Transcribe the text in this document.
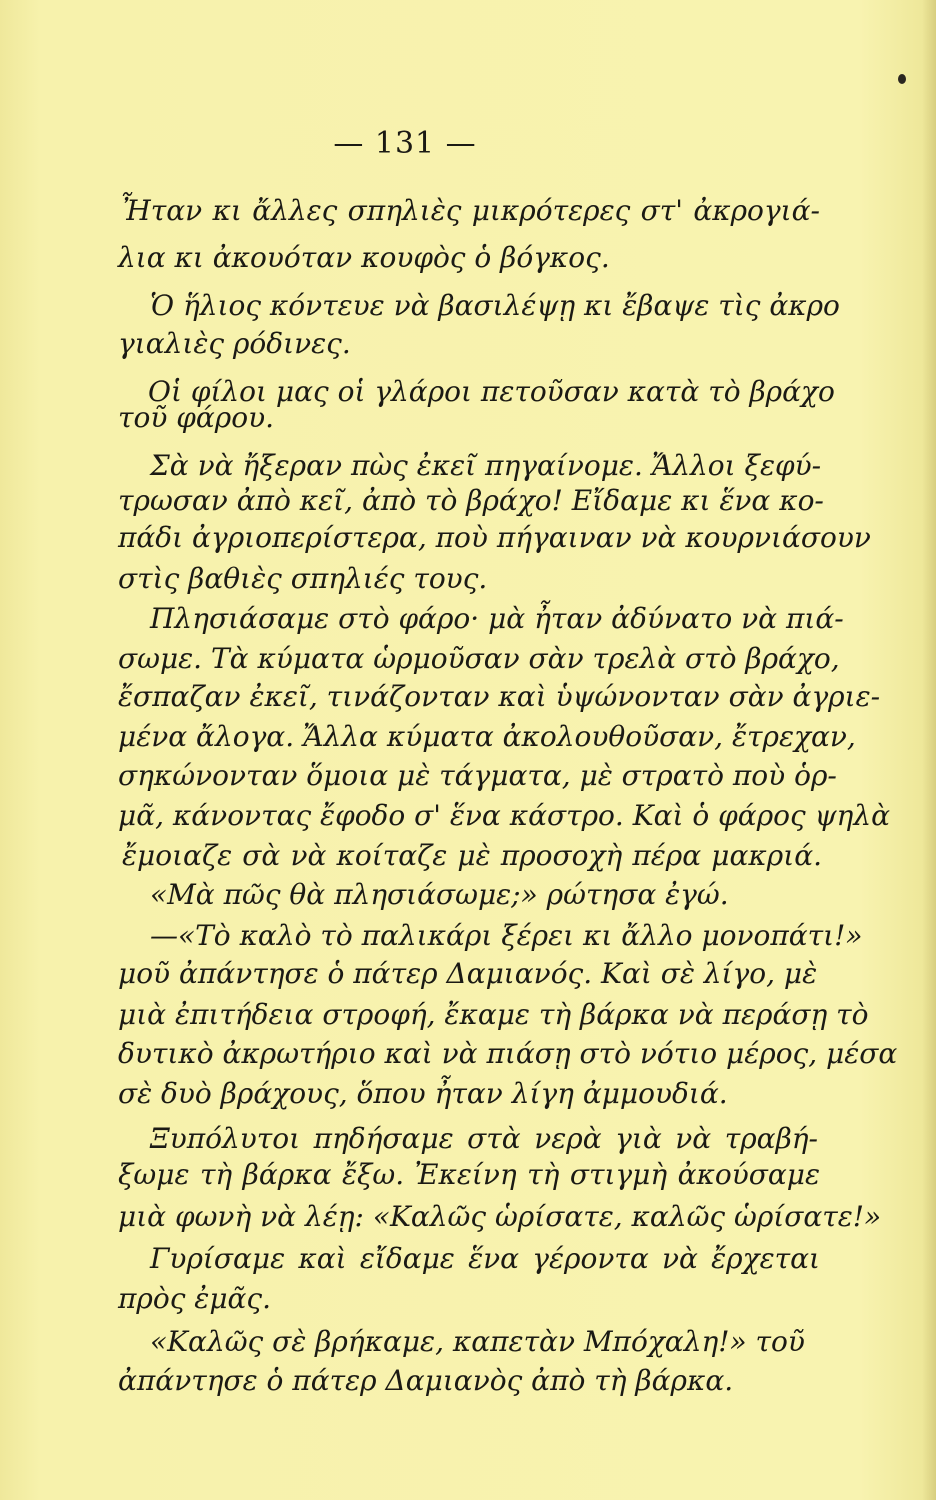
— 131 —
Ἦταν κι ἄλλες σπηλιὲς μικρότερες στ' ἀκρογιά-
λια κι ἀκουόταν κουφὸς ὁ βόγκος.
Ὁ ἥλιος κόντευε νὰ βασιλέψῃ κι ἔβαψε τὶς ἀκρο
γιαλιὲς ρόδινες.
Οἱ φίλοι μας οἱ γλάροι πετοῦσαν κατὰ τὸ βράχο
τοῦ φάρου.
Σὰ νὰ ἤξεραν πὼς ἐκεῖ πηγαίνομε. Ἄλλοι ξεφύ-
τρωσαν ἀπὸ κεῖ, ἀπὸ τὸ βράχο! Εἴδαμε κι ἕνα κο-
πάδι ἀγριοπερίστερα, ποὺ πήγαιναν νὰ κουρνιάσουν
στὶς βαθιὲς σπηλιές τους.
Πλησιάσαμε στὸ φάρο· μὰ ἦταν ἀδύνατο νὰ πιά-
σωμε. Τὰ κύματα ὡρμοῦσαν σὰν τρελὰ στὸ βράχο,
ἔσπαζαν ἐκεῖ, τινάζονταν καὶ ὑψώνονταν σὰν ἀγριε-
μένα ἄλογα. Ἄλλα κύματα ἀκολουθοῦσαν, ἔτρεχαν,
σηκώνονταν ὅμοια μὲ τάγματα, μὲ στρατὸ ποὺ ὁρ-
μᾶ, κάνοντας ἔφοδο σ' ἕνα κάστρο. Καὶ ὁ φάρος ψηλὰ
ἔμοιαζε σὰ νὰ κοίταζε μὲ προσοχὴ πέρα μακριά.
«Μὰ πῶς θὰ πλησιάσωμε;» ρώτησα ἐγώ.
—«Τὸ καλὸ τὸ παλικάρι ξέρει κι ἄλλο μονοπάτι!»
μοῦ ἀπάντησε ὁ πάτερ Δαμιανός. Καὶ σὲ λίγο, μὲ
μιὰ ἐπιτήδεια στροφή, ἔκαμε τὴ βάρκα νὰ περάσῃ τὸ
δυτικὸ ἀκρωτήριο καὶ νὰ πιάσῃ στὸ νότιο μέρος, μέσα
σὲ δυὸ βράχους, ὅπου ἦταν λίγη ἀμμουδιά.
Ξυπόλυτοι πηδήσαμε στὰ νερὰ γιὰ νὰ τραβή-
ξωμε τὴ βάρκα ἔξω. Ἐκείνη τὴ στιγμὴ ἀκούσαμε
μιὰ φωνὴ νὰ λέῃ: «Καλῶς ὡρίσατε, καλῶς ὡρίσατε!»
Γυρίσαμε καὶ εἴδαμε ἕνα γέροντα νὰ ἔρχεται
πρὸς ἐμᾶς.
«Καλῶς σὲ βρήκαμε, καπετὰν Μπόχαλη!» τοῦ
ἀπάντησε ὁ πάτερ Δαμιανὸς ἀπὸ τὴ βάρκα.
